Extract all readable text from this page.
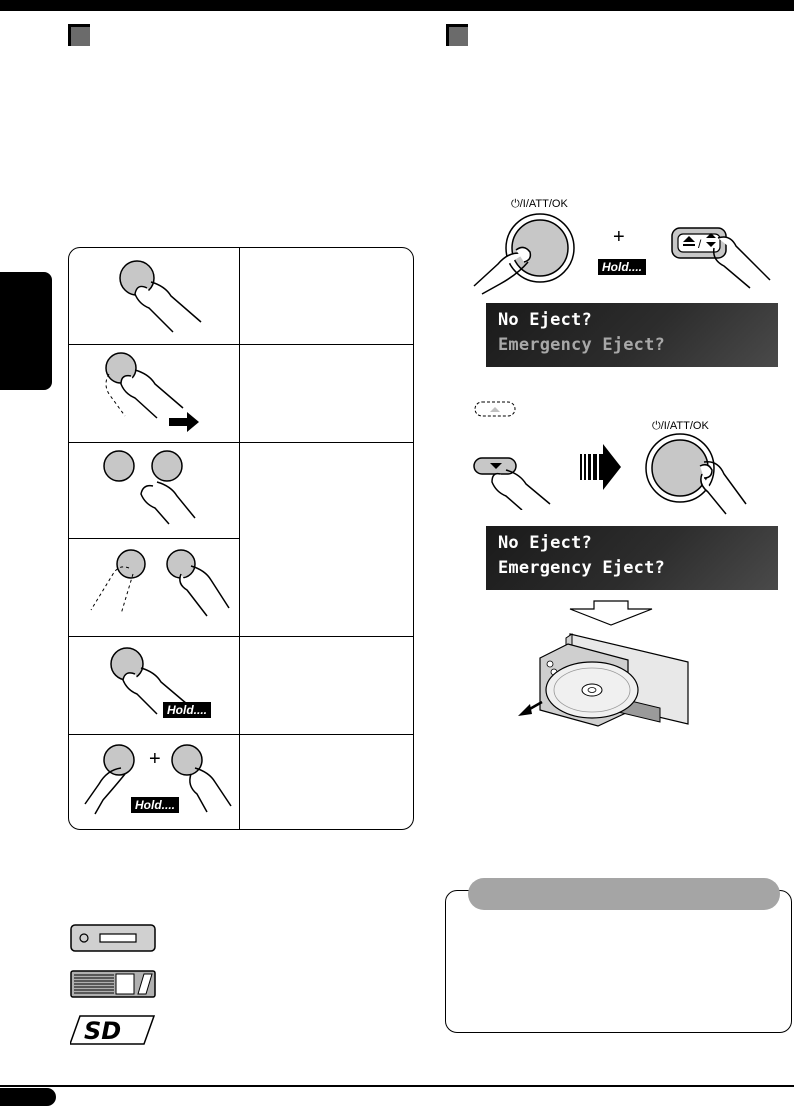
Hold....
+
Hold....
SD
⏻/I/ATT/OK
+
Hold....
/
No Eject?
Emergency Eject?
⏻/I/ATT/OK
No Eject?
Emergency Eject?
